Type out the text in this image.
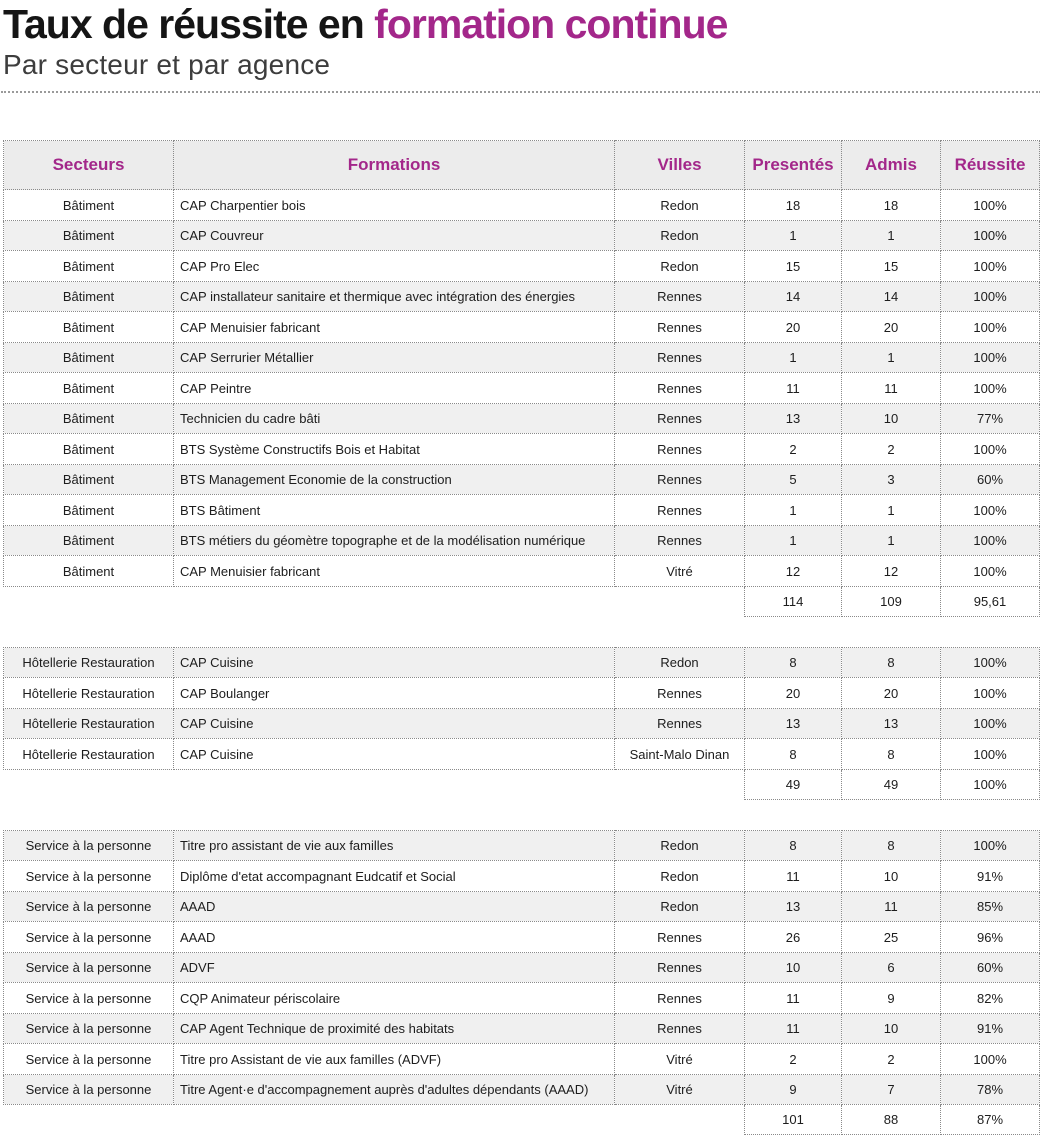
Taux de réussite en formation continue
Par secteur et par agence
Secteurs	Formations	Villes	Presentés	Admis	Réussite
Bâtiment	CAP Charpentier bois	Redon	18	18	100%
Bâtiment	CAP Couvreur	Redon	1	1	100%
Bâtiment	CAP Pro Elec	Redon	15	15	100%
Bâtiment	CAP installateur sanitaire et thermique avec intégration des énergies	Rennes	14	14	100%
Bâtiment	CAP Menuisier fabricant	Rennes	20	20	100%
Bâtiment	CAP Serrurier Métallier	Rennes	1	1	100%
Bâtiment	CAP Peintre	Rennes	11	11	100%
Bâtiment	Technicien du cadre bâti	Rennes	13	10	77%
Bâtiment	BTS Système Constructifs Bois et Habitat	Rennes	2	2	100%
Bâtiment	BTS Management Economie de la construction	Rennes	5	3	60%
Bâtiment	BTS Bâtiment	Rennes	1	1	100%
Bâtiment	BTS métiers du géomètre topographe et de la modélisation numérique	Rennes	1	1	100%
Bâtiment	CAP Menuisier fabricant	Vitré	12	12	100%
			114	109	95,61

Hôtellerie Restauration	CAP Cuisine	Redon	8	8	100%
Hôtellerie Restauration	CAP Boulanger	Rennes	20	20	100%
Hôtellerie Restauration	CAP Cuisine	Rennes	13	13	100%
Hôtellerie Restauration	CAP Cuisine	Saint-Malo Dinan	8	8	100%
			49	49	100%

Service à la personne	Titre pro assistant de vie aux familles	Redon	8	8	100%
Service à la personne	Diplôme d'etat accompagnant Eudcatif et Social	Redon	11	10	91%
Service à la personne	AAAD	Redon	13	11	85%
Service à la personne	AAAD	Rennes	26	25	96%
Service à la personne	ADVF	Rennes	10	6	60%
Service à la personne	CQP Animateur périscolaire	Rennes	11	9	82%
Service à la personne	CAP Agent Technique de proximité des habitats	Rennes	11	10	91%
Service à la personne	Titre pro Assistant de vie aux familles (ADVF)	Vitré	2	2	100%
Service à la personne	Titre Agent·e d'accompagnement auprès d'adultes dépendants (AAAD)	Vitré	9	7	78%
			101	88	87%
